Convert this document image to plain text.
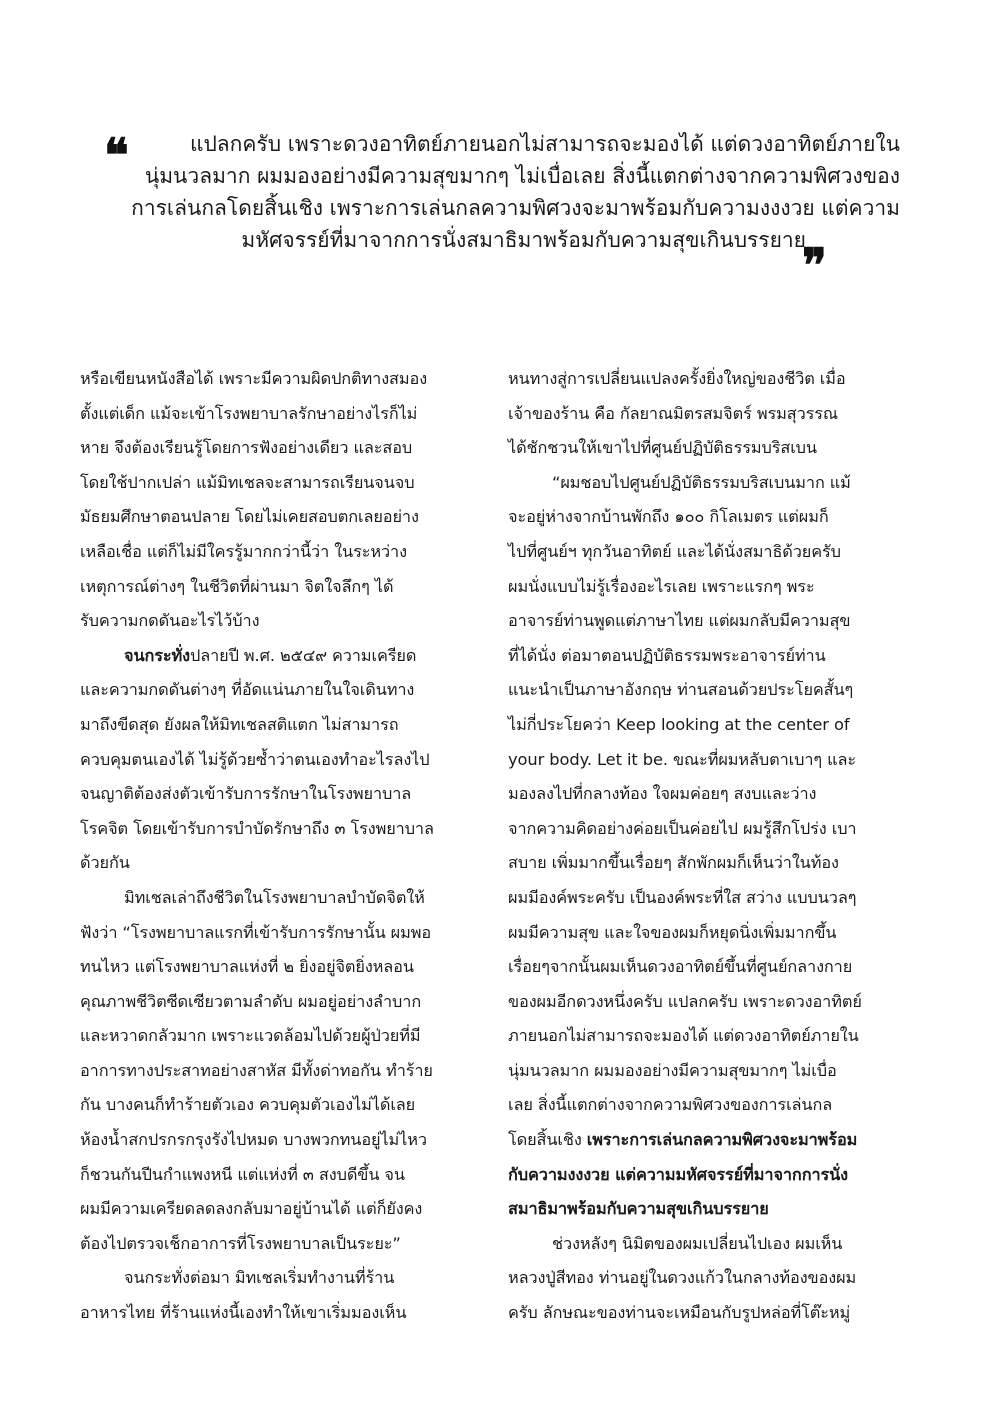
❝	แปลกครับ เพราะดวงอาทิตย์ภายนอกไม่สามารถจะมองได้ แต่ดวงอาทิตย์ภายใน
นุ่มนวลมาก ผมมองอย่างมีความสุขมากๆ ไม่เบื่อเลย สิ่งนี้แตกต่างจากความพิศวงของ
การเล่นกลโดยสิ้นเชิง เพราะการเล่นกลความพิศวงจะมาพร้อมกับความงงงวย แต่ความ
มหัศจรรย์ที่มาจากการนั่งสมาธิมาพร้อมกับความสุขเกินบรรยาย
❞
หรือเขียนหนังสือได้ เพราะมีความผิดปกติทางสมอง
ตั้งแต่เด็ก แม้จะเข้าโรงพยาบาลรักษาอย่างไรก็ไม่
หาย จึงต้องเรียนรู้โดยการฟังอย่างเดียว และสอบ
โดยใช้ปากเปล่า แม้มิทเชลจะสามารถเรียนจนจบ
มัธยมศึกษาตอนปลาย โดยไม่เคยสอบตกเลยอย่าง
เหลือเชื่อ แต่ก็ไม่มีใครรู้มากกว่านี้ว่า ในระหว่าง
เหตุการณ์ต่างๆ ในชีวิตที่ผ่านมา จิตใจลึกๆ ได้
รับความกดดันอะไรไว้บ้าง
จนกระทั่งปลายปี พ.ศ. ๒๕๔๙ ความเครียด
และความกดดันต่างๆ ที่อัดแน่นภายในใจเดินทาง
มาถึงขีดสุด ยังผลให้มิทเชลสติแตก ไม่สามารถ
ควบคุมตนเองได้ ไม่รู้ด้วยซ้ำว่าตนเองทำอะไรลงไป
จนญาติต้องส่งตัวเข้ารับการรักษาในโรงพยาบาล
โรคจิต โดยเข้ารับการบำบัดรักษาถึง ๓ โรงพยาบาล
ด้วยกัน
มิทเชลเล่าถึงชีวิตในโรงพยาบาลบำบัดจิตให้
ฟังว่า “โรงพยาบาลแรกที่เข้ารับการรักษานั้น ผมพอ
ทนไหว แต่โรงพยาบาลแห่งที่ ๒ ยิ่งอยู่จิตยิ่งหลอน
คุณภาพชีวิตซีดเซียวตามลำดับ ผมอยู่อย่างลำบาก
และหวาดกลัวมาก เพราะแวดล้อมไปด้วยผู้ป่วยที่มี
อาการทางประสาทอย่างสาหัส มีทั้งด่าทอกัน ทำร้าย
กัน บางคนก็ทำร้ายตัวเอง ควบคุมตัวเองไม่ได้เลย
ห้องน้ำสกปรกรกรุงรังไปหมด บางพวกทนอยู่ไม่ไหว
ก็ชวนกันปีนกำแพงหนี แต่แห่งที่ ๓ สงบดีขึ้น จน
ผมมีความเครียดลดลงกลับมาอยู่บ้านได้ แต่ก็ยังคง
ต้องไปตรวจเช็กอาการที่โรงพยาบาลเป็นระยะ”
จนกระทั่งต่อมา มิทเชลเริ่มทำงานที่ร้าน
อาหารไทย ที่ร้านแห่งนี้เองทำให้เขาเริ่มมองเห็น
หนทางสู่การเปลี่ยนแปลงครั้งยิ่งใหญ่ของชีวิต เมื่อ
เจ้าของร้าน คือ กัลยาณมิตรสมจิตร์ พรมสุวรรณ
ได้ชักชวนให้เขาไปที่ศูนย์ปฏิบัติธรรมบริสเบน
“ผมชอบไปศูนย์ปฏิบัติธรรมบริสเบนมาก แม้
จะอยู่ห่างจากบ้านพักถึง ๑๐๐ กิโลเมตร แต่ผมก็
ไปที่ศูนย์ฯ ทุกวันอาทิตย์ และได้นั่งสมาธิด้วยครับ
ผมนั่งแบบไม่รู้เรื่องอะไรเลย เพราะแรกๆ พระ
อาจารย์ท่านพูดแต่ภาษาไทย แต่ผมกลับมีความสุข
ที่ได้นั่ง ต่อมาตอนปฏิบัติธรรมพระอาจารย์ท่าน
แนะนำเป็นภาษาอังกฤษ ท่านสอนด้วยประโยคสั้นๆ
ไม่กี่ประโยคว่า Keep looking at the center of
your body. Let it be. ขณะที่ผมหลับตาเบาๆ และ
มองลงไปที่กลางท้อง ใจผมค่อยๆ สงบและว่าง
จากความคิดอย่างค่อยเป็นค่อยไป ผมรู้สึกโปร่ง เบา
สบาย เพิ่มมากขึ้นเรื่อยๆ สักพักผมก็เห็นว่าในท้อง
ผมมีองค์พระครับ เป็นองค์พระที่ใส สว่าง แบบนวลๆ
ผมมีความสุข และใจของผมก็หยุดนิ่งเพิ่มมากขึ้น
เรื่อยๆจากนั้นผมเห็นดวงอาทิตย์ขึ้นที่ศูนย์กลางกาย
ของผมอีกดวงหนึ่งครับ แปลกครับ เพราะดวงอาทิตย์
ภายนอกไม่สามารถจะมองได้ แต่ดวงอาทิตย์ภายใน
นุ่มนวลมาก ผมมองอย่างมีความสุขมากๆ ไม่เบื่อ
เลย สิ่งนี้แตกต่างจากความพิศวงของการเล่นกล
โดยสิ้นเชิง เพราะการเล่นกลความพิศวงจะมาพร้อม
กับความงงงวย แต่ความมหัศจรรย์ที่มาจากการนั่ง
สมาธิมาพร้อมกับความสุขเกินบรรยาย
ช่วงหลังๆ นิมิตของผมเปลี่ยนไปเอง ผมเห็น
หลวงปู่สีทอง ท่านอยู่ในดวงแก้วในกลางท้องของผม
ครับ ลักษณะของท่านจะเหมือนกับรูปหล่อที่โต๊ะหมู่
